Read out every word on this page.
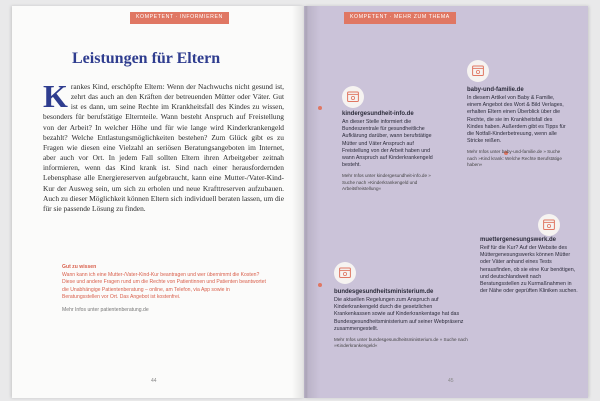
KOMPETENT · INFORMIEREN
Leistungen für Eltern
Krankes Kind, erschöpfte Eltern: Wenn der Nachwuchs nicht gesund ist, zehrt das auch an den Kräften der betreuenden Mütter oder Väter. Gut ist es dann, um seine Rechte im Krankheitsfall des Kindes zu wissen, besonders für berufstätige Elternteile. Wann besteht Anspruch auf Freistellung von der Arbeit? In welcher Höhe und für wie lange wird Kinderkrankengeld bezahlt? Welche Entlastungsmöglichkeiten bestehen? Zum Glück gibt es zu Fragen wie diesen eine Vielzahl an seriösen Beratungsangeboten im Internet, aber auch vor Ort. In jedem Fall sollten Eltern ihren Arbeitgeber zeitnah informieren, wenn das Kind krank ist. Sind nach einer herausfordernden Lebensphase alle Energiereserven aufgebraucht, kann eine Mutter-/Vater-Kind-Kur der Ausweg sein, um sich zu erholen und neue Krafttreserven aufzubauen. Auch zu dieser Möglichkeit können Eltern sich individuell beraten lassen, um die für sie passende Lösung zu finden.
Gut zu wissen
Wann kann ich eine Mutter-/Vater-Kind-Kur beantragen und wer übernimmt die Kosten? Diese und andere Fragen rund um die Rechte von Patientinnen und Patienten beantwortet die Unabhängige Patientenberatung – online, am Telefon, via App sowie in Beratungsstellen vor Ort. Das Angebot ist kostenfrei.
Mehr Infos unter patientenberatung.de
44
KOMPETENT · MEHR ZUM THEMA
kindergesundheit-info.de
An dieser Stelle informiert die Bundeszentrale für gesundheitliche Aufklärung darüber, wann berufstätige Mütter und Väter Anspruch auf Freistellung von der Arbeit haben und wann Anspruch auf Kinderkrankengeld besteht.
Mehr Infos unter kindergesundheit-info.de » Suche nach »Kinderkrankengeld und Arbeitsfreistellung«
baby-und-familie.de
In diesem Artikel von Baby & Familie, einem Angebot des Wort & Bild Verlages, erhalten Eltern einen Überblick über die Rechte, die sie im Krankheitsfall des Kindes haben. Außerdem gibt es Tipps für die Notfall-Kinderbetreuung, wenn alle Stricke reißen.
Mehr Infos unter baby-und-familie.de » Suche nach »Kind krank: Welche Rechte Berufstätige haben«
muettergenesungswerk.de
Reif für die Kur? Auf der Website des Müttergenesungswerks können Mütter oder Väter anhand eines Tests herausfinden, ob sie eine Kur benötigen, und deutschlandweit nach Beratungsstellen zu Kurmaßnahmen in der Nähe oder geprüften Kliniken suchen.
bundesgesundheitsministerium.de
Die aktuellen Regelungen zum Anspruch auf Kinderkrankengeld durch die gesetzlichen Krankenkassen sowie auf Kinderkrankentage hat das Bundesgesundheitsministerium auf seiner Webpräsenz zusammengestellt.
Mehr Infos unter bundesgesundheitsministerium.de » Suche nach »Kinderkrankengeld«
45
